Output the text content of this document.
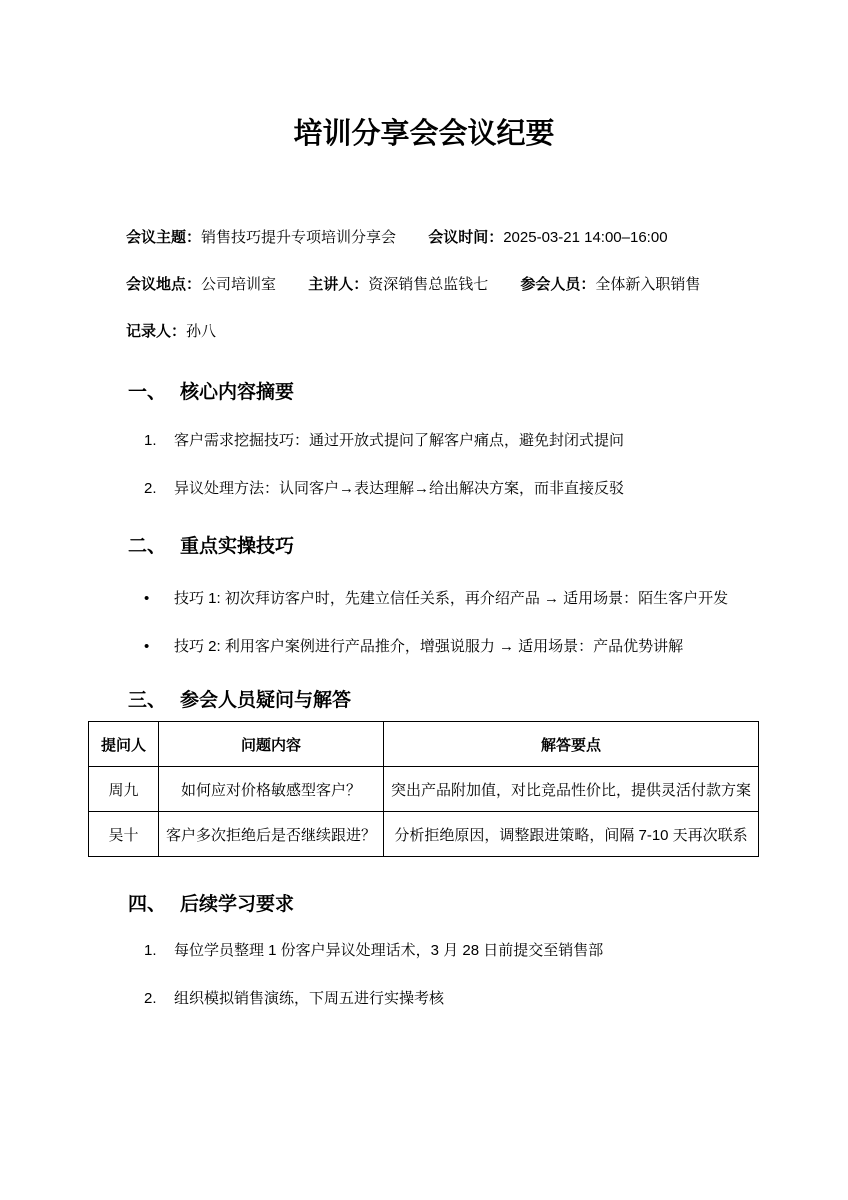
培训分享会会议纪要
会议主题：销售技巧提升专项培训分享会 会议时间：2025-03-21 14:00–16:00
会议地点：公司培训室 主讲人：资深销售总监钱七 参会人员：全体新入职销售
记录人：孙八
一、 核心内容摘要
1.	客户需求挖掘技巧：通过开放式提问了解客户痛点，避免封闭式提问
2.	异议处理方法：认同客户→表达理解→给出解决方案，而非直接反驳
二、 重点实操技巧
•	技巧 1: 初次拜访客户时，先建立信任关系，再介绍产品 → 适用场景：陌生客户开发
•	技巧 2: 利用客户案例进行产品推介，增强说服力 → 适用场景：产品优势讲解
三、 参会人员疑问与解答
提问人	问题内容	解答要点
周九	如何应对价格敏感型客户？	突出产品附加值，对比竞品性价比，提供灵活付款方案
吴十	客户多次拒绝后是否继续跟进？	分析拒绝原因，调整跟进策略，间隔 7-10 天再次联系
四、 后续学习要求
1.	每位学员整理 1 份客户异议处理话术，3 月 28 日前提交至销售部
2.	组织模拟销售演练，下周五进行实操考核
